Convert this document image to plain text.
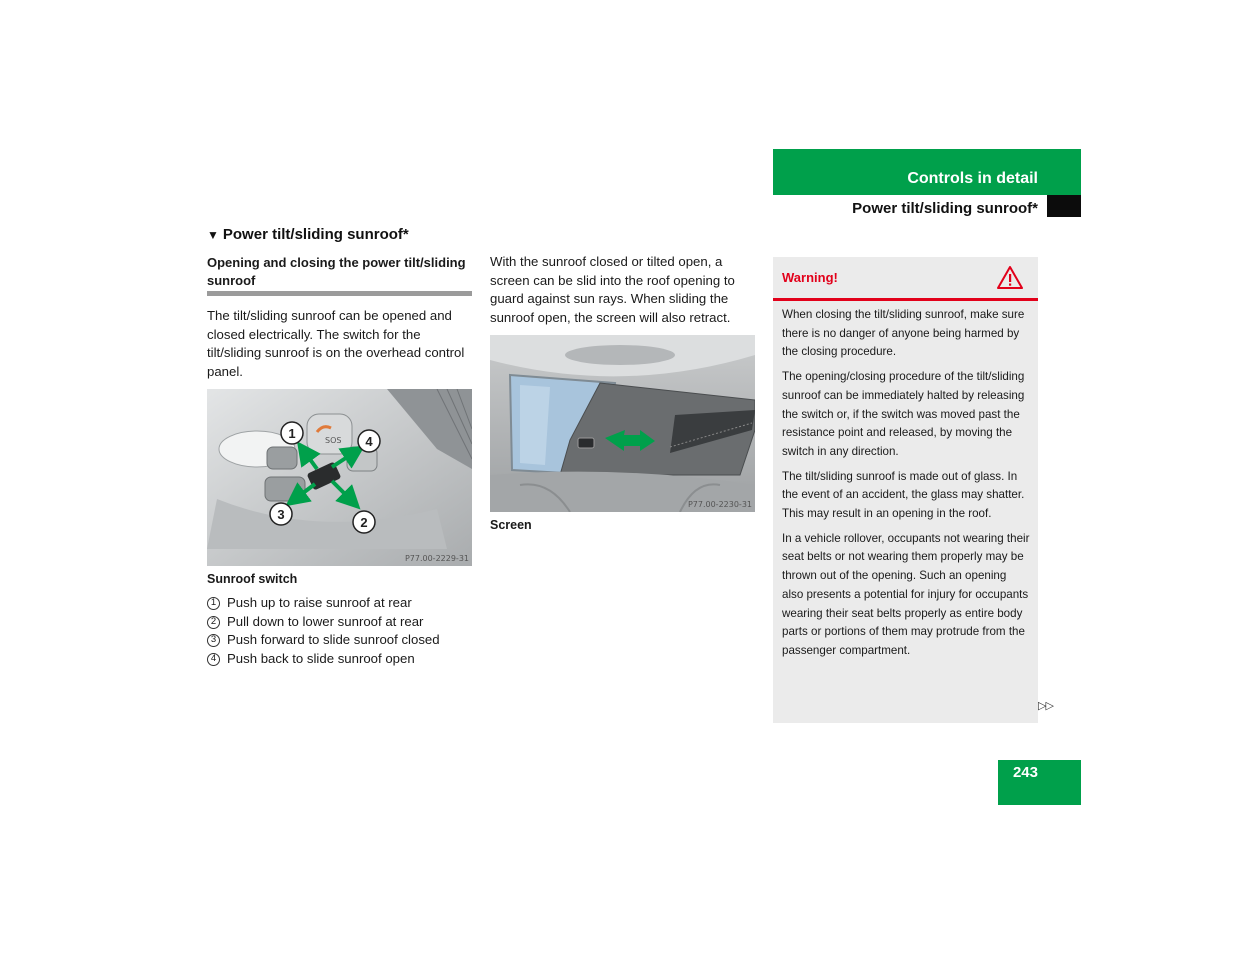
Controls in detail
Power tilt/sliding sunroof*
▼ Power tilt/sliding sunroof*
Opening and closing the power tilt/sliding sunroof
The tilt/sliding sunroof can be opened and closed electrically. The switch for the tilt/sliding sunroof is on the overhead control panel.
SOS
1
2
3
4
P77.00-2229-31
Sunroof switch
1 Push up to raise sunroof at rear
2 Pull down to lower sunroof at rear
3 Push forward to slide sunroof closed
4 Push back to slide sunroof open
With the sunroof closed or tilted open, a screen can be slid into the roof opening to guard against sun rays. When sliding the sunroof open, the screen will also retract.
P77.00-2230-31
Screen
Warning!

When closing the tilt/sliding sunroof, make sure there is no danger of anyone being harmed by the closing procedure.

The opening/closing procedure of the tilt/sliding sunroof can be immediately halted by releasing the switch or, if the switch was moved past the resistance point and released, by moving the switch in any direction.

The tilt/sliding sunroof is made out of glass. In the event of an accident, the glass may shatter. This may result in an opening in the roof.

In a vehicle rollover, occupants not wearing their seat belts or not wearing them properly may be thrown out of the opening. Such an opening also presents a potential for injury for occupants wearing their seat belts properly as entire body parts or portions of them may protrude from the passenger compartment.

▷▷
243
